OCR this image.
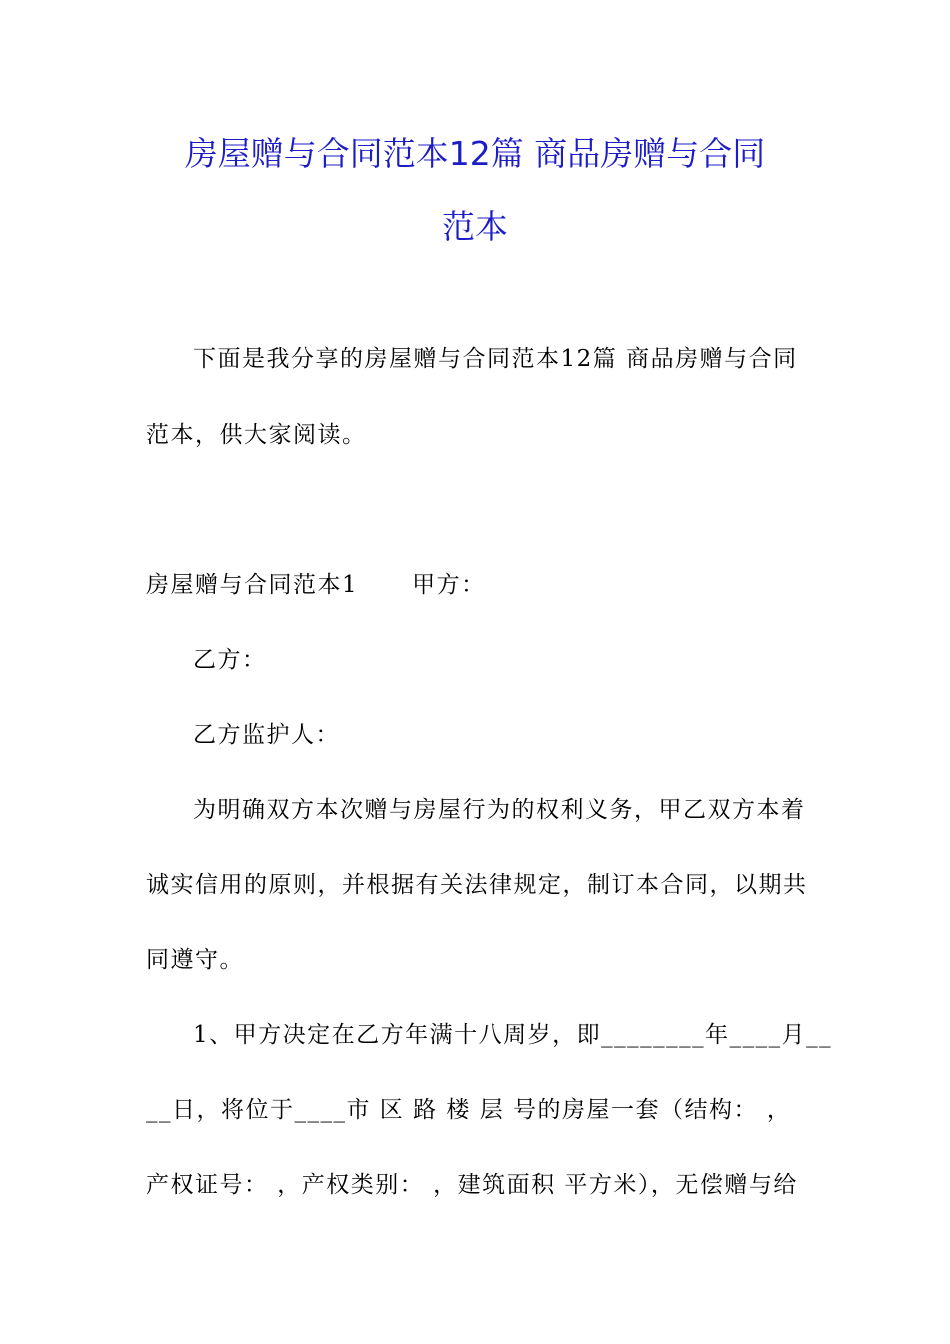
房屋赠与合同范本12篇 商品房赠与合同
范本
下面是我分享的房屋赠与合同范本12篇 商品房赠与合同
范本，供大家阅读。
房屋赠与合同范本1 甲方：
乙方：
乙方监护人：
为明确双方本次赠与房屋行为的权利义务，甲乙双方本着
诚实信用的原则，并根据有关法律规定，制订本合同，以期共
同遵守。
1、甲方决定在乙方年满十八周岁，即________年____月__
__日，将位于____市 区 路 楼 层 号的房屋一套（结构： ，
产权证号： ，产权类别： ，建筑面积 平方米），无偿赠与给
